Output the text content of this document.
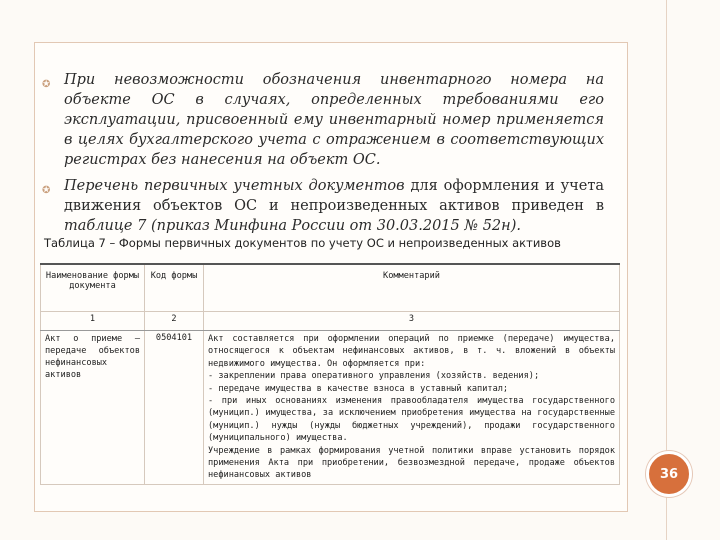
✪ При невозможности обозначения инвентарного номера на объекте ОС в случаях, определенных требованиями его эксплуатации, присвоенный ему инвентарный номер применяется в целях бухгалтерского учета с отражением в соответствующих регистрах без нанесения на объект ОС.

✪ Перечень первичных учетных документов для оформления и учета движения объектов ОС и непроизведенных активов приведен в таблице 7 (приказ Минфина России от 30.03.2015 № 52н).

Таблица 7 – Формы первичных документов по учету ОС и непроизведенных активов
Наименование формы документа	Код формы	Комментарий
1	2	3
Акт о приеме – передаче объектов нефинансовых активов	0504101	Акт составляется при оформлении операций по приемке (передаче) имущества, относящегося к объектам нефинансовых активов, в т. ч. вложений в объекты недвижимого имущества. Он оформляется при:
- закреплении права оперативного управления (хозяйств. ведения);
- передаче имущества в качестве взноса в уставный капитал;
- при иных основаниях изменения правообладателя имущества государственного (муницип.) имущества, за исключением приобретения имущества на государственные (муницип.) нужды (нужды бюджетных учреждений), продажи государственного (муниципального) имущества.
Учреждение в рамках формирования учетной политики вправе установить порядок применения Акта при приобретении, безвозмездной передаче, продаже объектов нефинансовых активов	36
